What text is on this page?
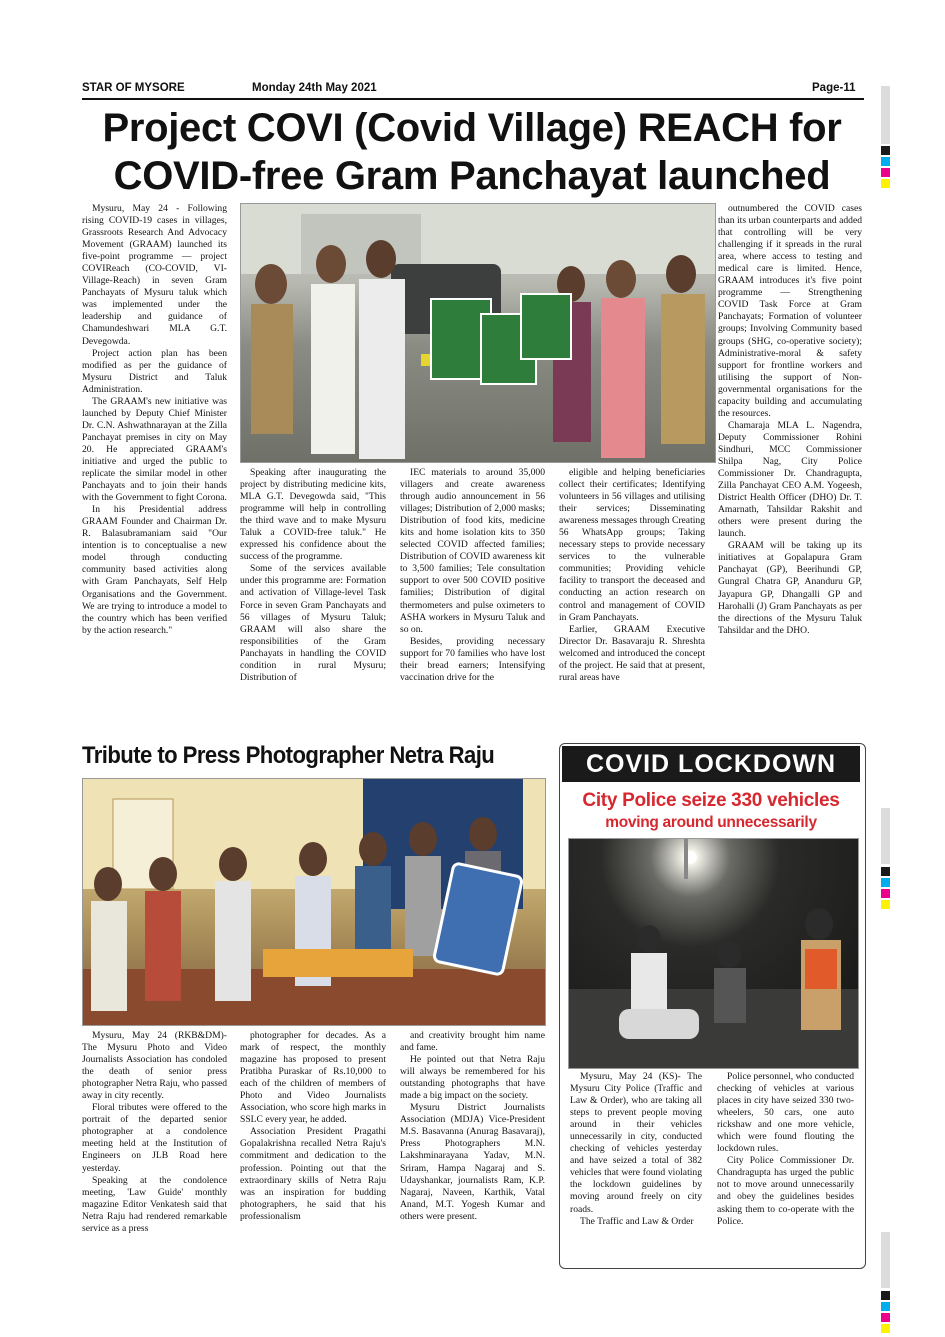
STAR OF MYSORE	Monday 24th May 2021	Page-11
Project COVI (Covid Village) REACH for
COVID-free Gram Panchayat launched

Mysuru, May 24 - Following rising COVID-19 cases in villages, Grassroots Research And Advocacy Movement (GRAAM) launched its five-point programme — project COVIReach (CO-COVID, VI-Village-Reach) in seven Gram Panchayats of Mysuru taluk which was implemented under the leadership and guidance of Chamundeshwari MLA G.T. Devegowda.

Project action plan has been modified as per the guidance of Mysuru District and Taluk Administration.

The GRAAM's new initiative was launched by Deputy Chief Minister Dr. C.N. Ashwathnarayan at the Zilla Panchayat premises in city on May 20. He appreciated GRAAM's initiative and urged the public to replicate the similar model in other Panchayats and to join their hands with the Government to fight Corona.

In his Presidential address GRAAM Founder and Chairman Dr. R. Balasubramaniam said "Our intention is to conceptualise a new model through conducting community based activities along with Gram Panchayats, Self Help Organisations and the Government. We are trying to introduce a model to the country which has been verified by the action research."

Speaking after inaugurating the project by distributing medicine kits, MLA G.T. Devegowda said, "This programme will help in controlling the third wave and to make Mysuru Taluk a COVID-free taluk." He expressed his confidence about the success of the programme.

Some of the services available under this programme are: Formation and activation of Village-level Task Force in seven Gram Panchayats and 56 villages of Mysuru Taluk; GRAAM will also share the responsibilities of the Gram Panchayats in handling the COVID condition in rural Mysuru; Distribution of

IEC materials to around 35,000 villagers and create awareness through audio announcement in 56 villages; Distribution of 2,000 masks; Distribution of food kits, medicine kits and home isolation kits to 350 selected COVID affected families; Distribution of COVID awareness kit to 3,500 families; Tele consultation support to over 500 COVID positive families; Distribution of digital thermometers and pulse oximeters to ASHA workers in Mysuru Taluk and so on.

Besides, providing necessary support for 70 families who have lost their bread earners; Intensifying vaccination drive for the

eligible and helping beneficiaries collect their certificates; Identifying volunteers in 56 villages and utilising their services; Disseminating awareness messages through Creating 56 WhatsApp groups; Taking necessary steps to provide necessary services to the vulnerable communities; Providing vehicle facility to transport the deceased and conducting an action research on control and management of COVID in Gram Panchayats.

Earlier, GRAAM Executive Director Dr. Basavaraju R. Shreshta welcomed and introduced the concept of the project. He said that at present, rural areas have

outnumbered the COVID cases than its urban counterparts and added that controlling will be very challenging if it spreads in the rural area, where access to testing and medical care is limited. Hence, GRAAM introduces it's five point programme — Strengthening COVID Task Force at Gram Panchayats; Formation of volunteer groups; Involving Community based groups (SHG, co-operative society); Administrative-moral & safety support for frontline workers and utilising the support of Non-governmental organisations for the capacity building and accumulating the resources.

Chamaraja MLA L. Nagendra, Deputy Commissioner Rohini Sindhuri, MCC Commissioner Shilpa Nag, City Police Commissioner Dr. Chandragupta, Zilla Panchayat CEO A.M. Yogeesh, District Health Officer (DHO) Dr. T. Amarnath, Tahsildar Rakshit and others were present during the launch.

GRAAM will be taking up its initiatives at Gopalapura Gram Panchayat (GP), Beerihundi GP, Gungral Chatra GP, Ananduru GP, Jayapura GP, Dhangalli GP and Harohalli (J) Gram Panchayats as per the directions of the Mysuru Taluk Tahsildar and the DHO.

Tribute to Press Photographer Netra Raju

Mysuru, May 24 (RKB&DM)- The Mysuru Photo and Video Journalists Association has condoled the death of senior press photographer Netra Raju, who passed away in city recently.

Floral tributes were offered to the portrait of the departed senior photographer at a condolence meeting held at the Institution of Engineers on JLB Road here yesterday.

Speaking at the condolence meeting, 'Law Guide' monthly magazine Editor Venkatesh said that Netra Raju had rendered remarkable service as a press

photographer for decades. As a mark of respect, the monthly magazine has proposed to present Pratibha Puraskar of Rs.10,000 to each of the children of members of Photo and Video Journalists Association, who score high marks in SSLC every year, he added.

Association President Pragathi Gopalakrishna recalled Netra Raju's commitment and dedication to the profession. Pointing out that the extraordinary skills of Netra Raju was an inspiration for budding photographers, he said that his professionalism

and creativity brought him name and fame.

He pointed out that Netra Raju will always be remembered for his outstanding photographs that have made a big impact on the society.

Mysuru District Journalists Association (MDJA) Vice-President M.S. Basavanna (Anurag Basavaraj), Press Photographers M.N. Lakshminarayana Yadav, M.N. Sriram, Hampa Nagaraj and S. Udayshankar, journalists Ram, K.P. Nagaraj, Naveen, Karthik, Vatal Anand, M.T. Yogesh Kumar and others were present.

COVID LOCKDOWN
City Police seize 330 vehicles
moving around unnecessarily

Mysuru, May 24 (KS)- The Mysuru City Police (Traffic and Law & Order), who are taking all steps to prevent people moving around in their vehicles unnecessarily in city, conducted checking of vehicles yesterday and have seized a total of 382 vehicles that were found violating the lockdown guidelines by moving around freely on city roads.

The Traffic and Law & Order

Police personnel, who conducted checking of vehicles at various places in city have seized 330 two-wheelers, 50 cars, one auto rickshaw and one more vehicle, which were found flouting the lockdown rules.

City Police Commissioner Dr. Chandragupta has urged the public not to move around unnecessarily and obey the guidelines besides asking them to co-operate with the Police.
